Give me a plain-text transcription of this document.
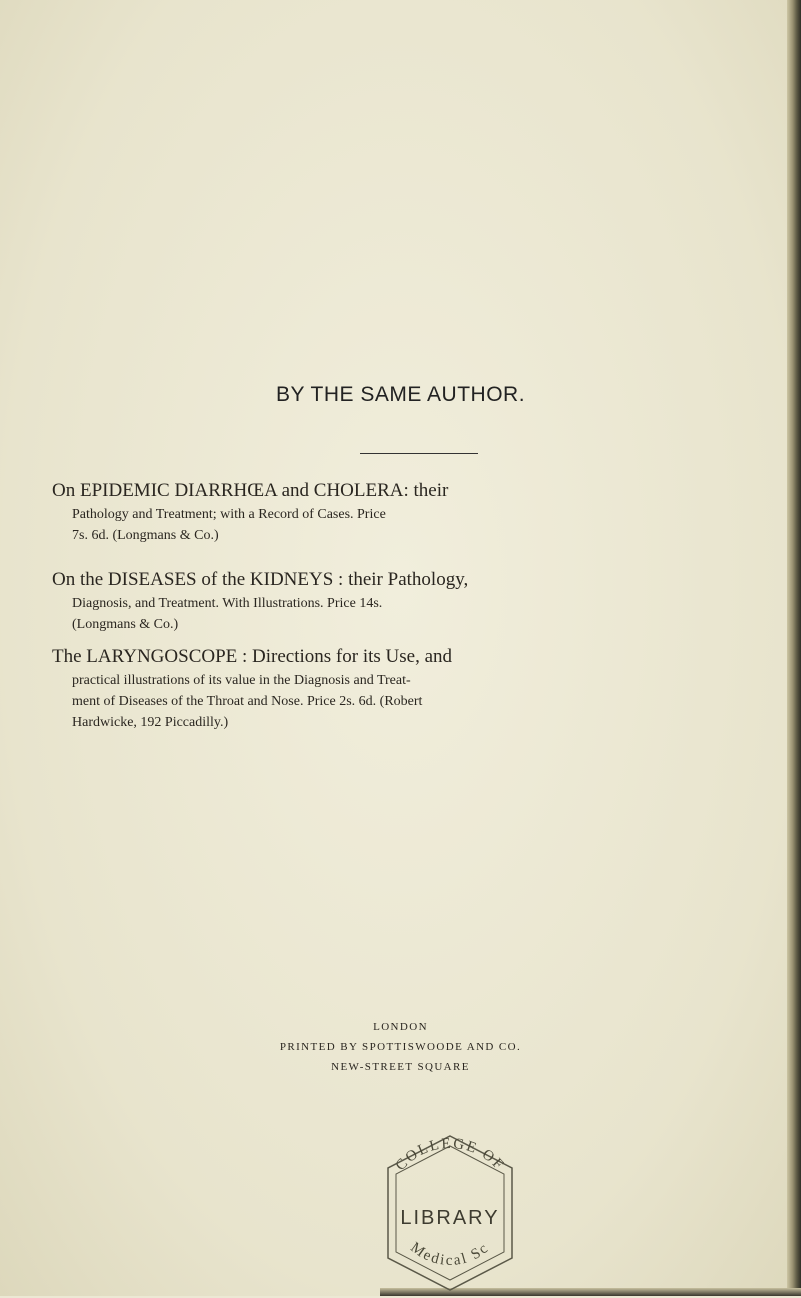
BY THE SAME AUTHOR.
On EPIDEMIC DIARRHŒA and CHOLERA: their
Pathology and Treatment; with a Record of Cases. Price
7s. 6d. (Longmans & Co.)
On the DISEASES of the KIDNEYS : their Pathology,
Diagnosis, and Treatment. With Illustrations. Price 14s.
(Longmans & Co.)
The LARYNGOSCOPE : Directions for its Use, and
practical illustrations of its value in the Diagnosis and Treat-
ment of Diseases of the Throat and Nose. Price 2s. 6d. (Robert
Hardwicke, 192 Piccadilly.)
LONDON
PRINTED BY SPOTTISWOODE AND CO.
NEW-STREET SQUARE
COLLEGE OF
LIBRARY
Medical Sc
